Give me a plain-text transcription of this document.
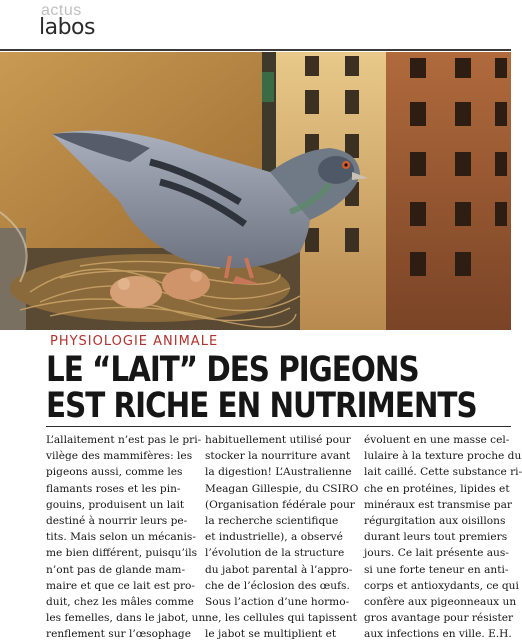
actus
labos
PHYSIOLOGIE ANIMALE
LE “LAIT” DES PIGEONS
EST RICHE EN NUTRIMENTS
L’allaitement n’est pas le pri-
vilège des mammifères: les
pigeons aussi, comme les
flamants roses et les pin-
gouins, produisent un lait
destiné à nourrir leurs pe-
tits. Mais selon un mécanis-
me bien différent, puisqu’ils
n’ont pas de glande mam-
maire et que ce lait est pro-
duit, chez les mâles comme
les femelles, dans le jabot, un
renflement sur l’œsophage
habituellement utilisé pour
stocker la nourriture avant
la digestion! L’Australienne
Meagan Gillespie, du CSIRO
(Organisation fédérale pour
la recherche scientifique
et industrielle), a observé
l’évolution de la structure
du jabot parental à l’appro-
che de l’éclosion des œufs.
Sous l’action d’une hormo-
ne, les cellules qui tapissent
le jabot se multiplient et
évoluent en une masse cel-
lulaire à la texture proche du
lait caillé. Cette substance ri-
che en protéines, lipides et
minéraux est transmise par
régurgitation aux oisillons
durant leurs tout premiers
jours. Ce lait présente aus-
si une forte teneur en anti-
corps et antioxydants, ce qui
confère aux pigeonneaux un
gros avantage pour résister
aux infections en ville. E.H.
